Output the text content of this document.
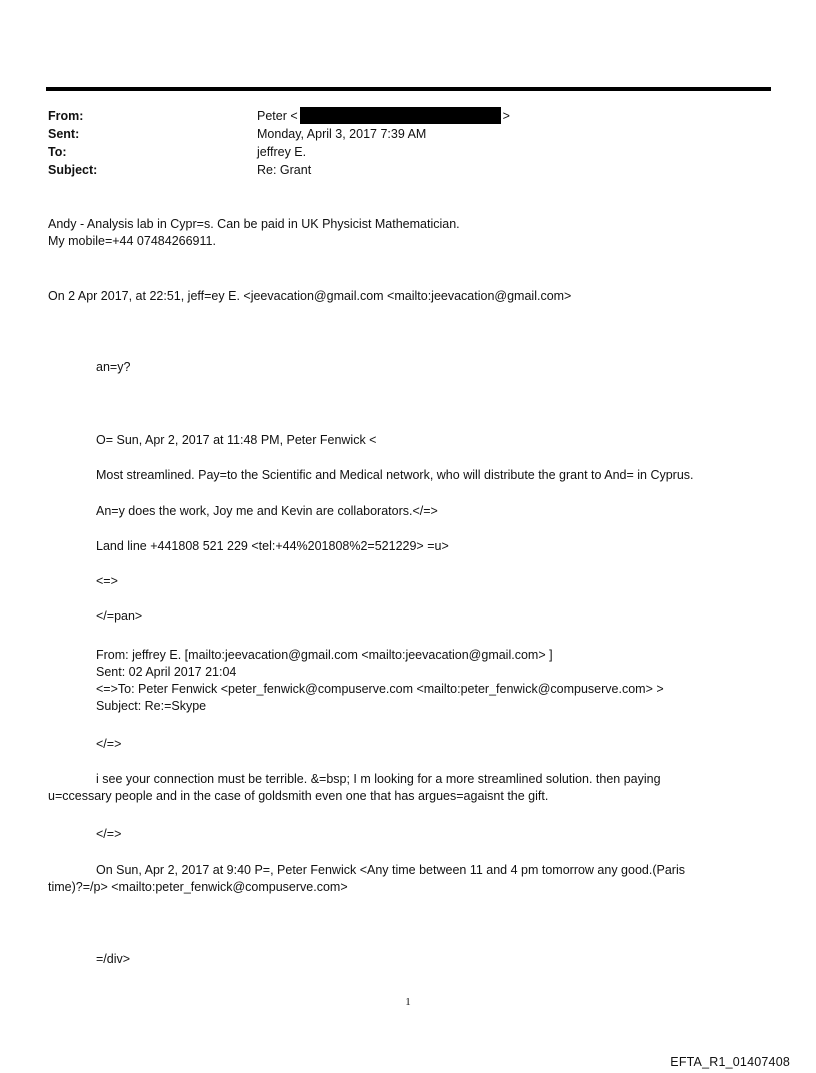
From:	Peter <	>
Sent:	Monday, April 3, 2017 7:39 AM
To:	jeffrey E.
Subject:	Re: Grant
Andy - Analysis lab in Cypr=s. Can be paid in UK Physicist Mathematician.
My mobile=+44 07484266911.
On 2 Apr 2017, at 22:51, jeff=ey E. <jeevacation@gmail.com <mailto:jeevacation@gmail.com>
an=y?
O= Sun, Apr 2, 2017 at 11:48 PM, Peter Fenwick <
Most streamlined. Pay=to the Scientific and Medical network, who will distribute the grant to And= in Cyprus.
An=y does the work, Joy me and Kevin are collaborators.</=>
Land line +441808 521 229 <tel:+44%201808%2=521229> =u>
<=>
</=pan>
From: jeffrey E. [mailto:jeevacation@gmail.com <mailto:jeevacation@gmail.com> ]
Sent: 02 April 2017 21:04
<=>To: Peter Fenwick <peter_fenwick@compuserve.com <mailto:peter_fenwick@compuserve.com> >
Subject: Re:=Skype
</=>
i see your connection must be terrible. &=bsp; I m looking for a more streamlined solution. then paying
u=ccessary people and in the case of goldsmith even one that has argues=agaisnt the gift.
</=>
On Sun, Apr 2, 2017 at 9:40 P=, Peter Fenwick <Any time between 11 and 4 pm tomorrow any good.(Paris
time)?=/p> <mailto:peter_fenwick@compuserve.com>
=/div>
1
EFTA_R1_01407408
